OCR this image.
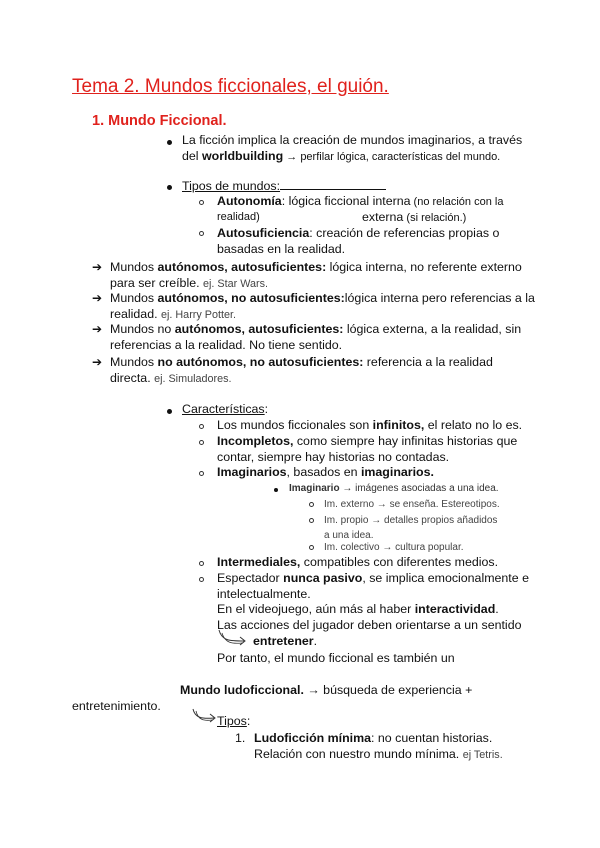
Tema 2. Mundos ficcionales, el guión.
1. Mundo Ficcional.
La ficción implica la creación de mundos imaginarios, a través
del worldbuilding → perfilar lógica, características del mundo.
Tipos de mundos:
Autonomía: lógica ficcional interna (no relación con la
realidad)	externa (si relación.)
Autosuficiencia: creación de referencias propias o
basadas en la realidad.
➔ Mundos autónomos, autosuficientes: lógica interna, no referente externo
para ser creíble. ej. Star Wars.
➔ Mundos autónomos, no autosuficientes:lógica interna pero referencias a la
realidad. ej. Harry Potter.
➔ Mundos no autónomos, autosuficientes: lógica externa, a la realidad, sin
referencias a la realidad. No tiene sentido.
➔ Mundos no autónomos, no autosuficientes: referencia a la realidad
directa. ej. Simuladores.
Características:
Los mundos ficcionales son infinitos, el relato no lo es.
Incompletos, como siempre hay infinitas historias que
contar, siempre hay historias no contadas.
Imaginarios, basados en imaginarios.
Imaginario → imágenes asociadas a una idea.
Im. externo → se enseña. Estereotipos.
Im. propio → detalles propios añadidos
a una idea.
Im. colectivo → cultura popular.
Intermediales, compatibles con diferentes medios.
Espectador nunca pasivo, se implica emocionalmente e
intelectualmente.
En el videojuego, aún más al haber interactividad.
Las acciones del jugador deben orientarse a un sentido
entretener.
Por tanto, el mundo ficcional es también un
Mundo ludoficcional. → búsqueda de experiencia +
entretenimiento.
Tipos:
1. Ludoficción mínima: no cuentan historias.
Relación con nuestro mundo mínima. ej Tetris.
